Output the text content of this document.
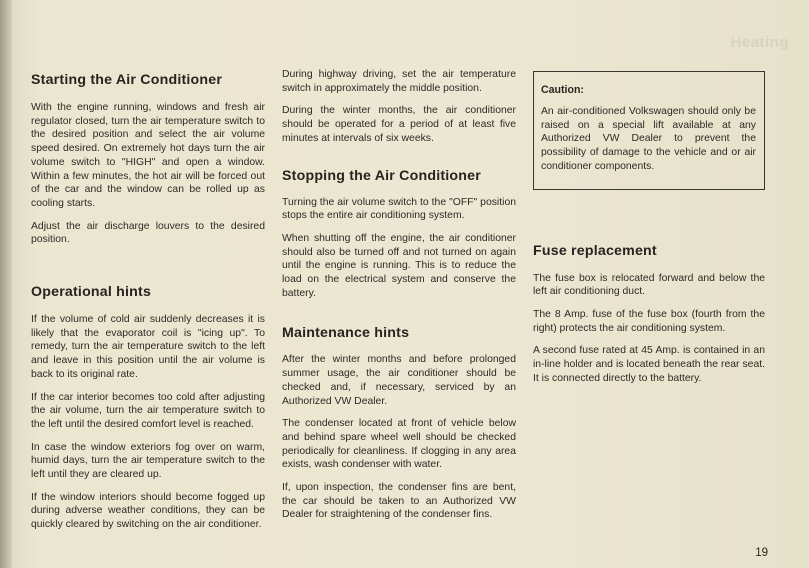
Heating
Starting the Air Conditioner

With the engine running, windows and fresh air regulator closed, turn the air temperature switch to the desired position and select the air volume speed desired. On extremely hot days turn the air volume switch to "HIGH" and open a window. Within a few minutes, the hot air will be forced out of the car and the window can be rolled up as cooling starts.

Adjust the air discharge louvers to the desired position.

Operational hints

If the volume of cold air suddenly decreases it is likely that the evaporator coil is "icing up". To remedy, turn the air temperature switch to the left and leave in this position until the air volume is back to its original rate.

If the car interior becomes too cold after adjusting the air volume, turn the air temperature switch to the left until the desired comfort level is reached.

In case the window exteriors fog over on warm, humid days, turn the air temperature switch to the left until they are cleared up.

If the window interiors should become fogged up during adverse weather conditions, they can be quickly cleared by switching on the air conditioner.

During highway driving, set the air temperature switch in approximately the middle position.

During the winter months, the air conditioner should be operated for a period of at least five minutes at intervals of six weeks.

Stopping the Air Conditioner

Turning the air volume switch to the "OFF" position stops the entire air conditioning system.

When shutting off the engine, the air conditioner should also be turned off and not turned on again until the engine is running. This is to reduce the load on the electrical system and conserve the battery.

Maintenance hints

After the winter months and before prolonged summer usage, the air conditioner should be checked and, if necessary, serviced by an Authorized VW Dealer.

The condenser located at front of vehicle below and behind spare wheel well should be checked periodically for cleanliness. If clogging in any area exists, wash condenser with water.

If, upon inspection, the condenser fins are bent, the car should be taken to an Authorized VW Dealer for straightening of the condenser fins.

Caution:

An air-conditioned Volkswagen should only be raised on a special lift available at any Authorized VW Dealer to prevent the possibility of damage to the vehicle and or air conditioner components.

Fuse replacement

The fuse box is relocated forward and below the left air conditioning duct.

The 8 Amp. fuse of the fuse box (fourth from the right) protects the air conditioning system.

A second fuse rated at 45 Amp. is contained in an in-line holder and is located beneath the rear seat. It is connected directly to the battery.

19
